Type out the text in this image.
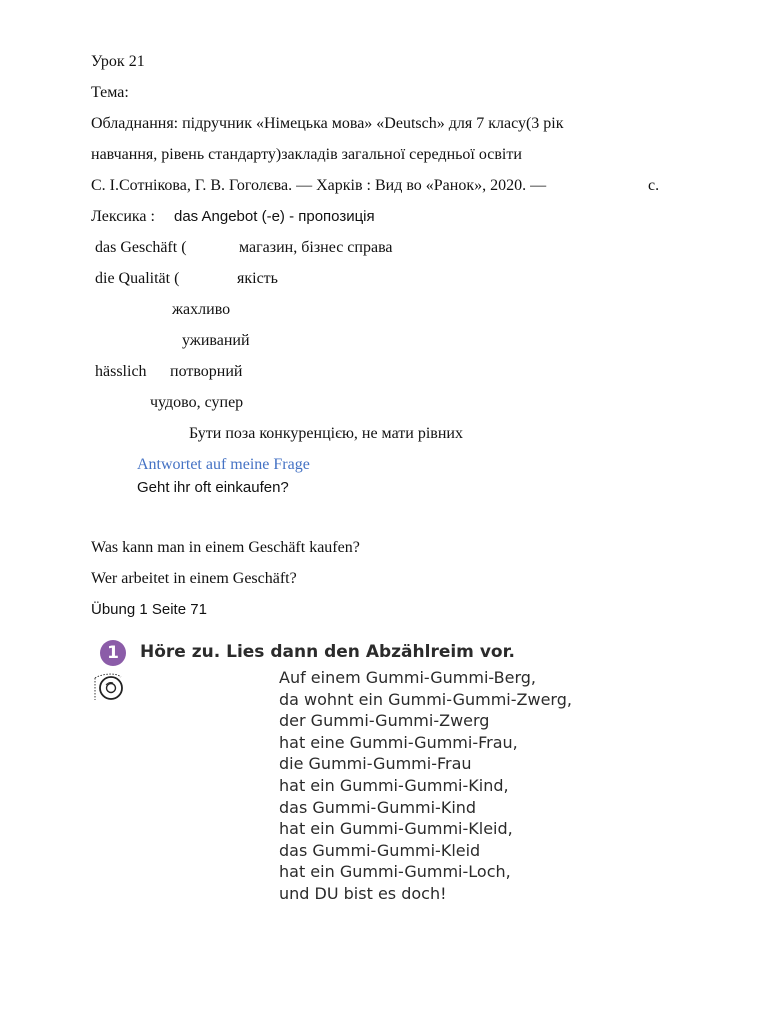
Урок 21
Тема:
Обладнання: підручник «Німецька мова» «Deutsch» для 7 класу(3 рік
навчання, рівень стандарту)закладів загальної середньої освіти
С. І.Сотнікова, Г. В. Гоголєва. — Харків : Вид во «Ранок», 2020. —	с.
Лексика : das Angebot (-e) - пропозиція
das Geschäft (	магазин, бізнес справа
die Qualität (	якість
жахливо
уживаний
hässlich потворний
чудово, супер
Бути поза конкуренцією, не мати рівних
Antwortet auf meine Frage
Geht ihr oft einkaufen?
Was kann man in einem Geschäft kaufen?
Wer arbeitet in einem Geschäft?
Übung 1 Seite 71
1	Höre zu. Lies dann den Abzählreim vor.
Auf einem Gummi-Gummi-Berg,
da wohnt ein Gummi-Gummi-Zwerg,
der Gummi-Gummi-Zwerg
hat eine Gummi-Gummi-Frau,
die Gummi-Gummi-Frau
hat ein Gummi-Gummi-Kind,
das Gummi-Gummi-Kind
hat ein Gummi-Gummi-Kleid,
das Gummi-Gummi-Kleid
hat ein Gummi-Gummi-Loch,
und DU bist es doch!
